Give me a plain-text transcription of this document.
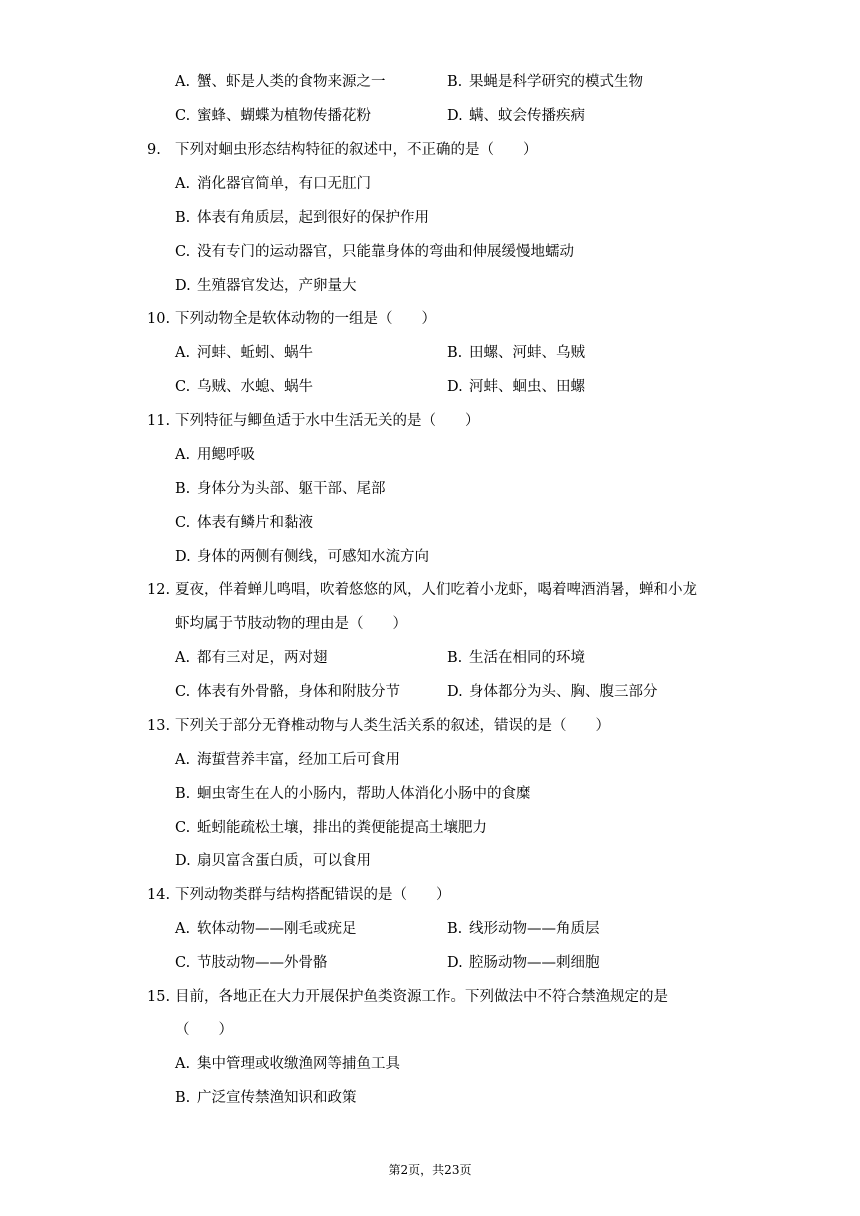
A. 蟹、虾是人类的食物来源之一	B. 果蝇是科学研究的模式生物
C. 蜜蜂、蝴蝶为植物传播花粉	D. 螨、蚊会传播疾病
9. 下列对蛔虫形态结构特征的叙述中，不正确的是（　　）
A. 消化器官简单，有口无肛门
B. 体表有角质层，起到很好的保护作用
C. 没有专门的运动器官，只能靠身体的弯曲和伸展缓慢地蠕动
D. 生殖器官发达，产卵量大
10. 下列动物全是软体动物的一组是（　　）
A. 河蚌、蚯蚓、蜗牛	B. 田螺、河蚌、乌贼
C. 乌贼、水螅、蜗牛	D. 河蚌、蛔虫、田螺
11. 下列特征与鲫鱼适于水中生活无关的是（　　）
A. 用鳃呼吸
B. 身体分为头部、躯干部、尾部
C. 体表有鳞片和黏液
D. 身体的两侧有侧线，可感知水流方向
12. 夏夜，伴着蝉儿鸣唱，吹着悠悠的风，人们吃着小龙虾，喝着啤酒消暑，蝉和小龙
虾均属于节肢动物的理由是（　　）
A. 都有三对足，两对翅	B. 生活在相同的环境
C. 体表有外骨骼，身体和附肢分节	D. 身体都分为头、胸、腹三部分
13. 下列关于部分无脊椎动物与人类生活关系的叙述，错误的是（　　）
A. 海蜇营养丰富，经加工后可食用
B. 蛔虫寄生在人的小肠内，帮助人体消化小肠中的食糜
C. 蚯蚓能疏松土壤，排出的粪便能提高土壤肥力
D. 扇贝富含蛋白质，可以食用
14. 下列动物类群与结构搭配错误的是（　　）
A. 软体动物——刚毛或疣足	B. 线形动物——角质层
C. 节肢动物——外骨骼	D. 腔肠动物——刺细胞
15. 目前，各地正在大力开展保护鱼类资源工作。下列做法中不符合禁渔规定的是
（　　）
A. 集中管理或收缴渔网等捕鱼工具
B. 广泛宣传禁渔知识和政策
第2页，共23页
